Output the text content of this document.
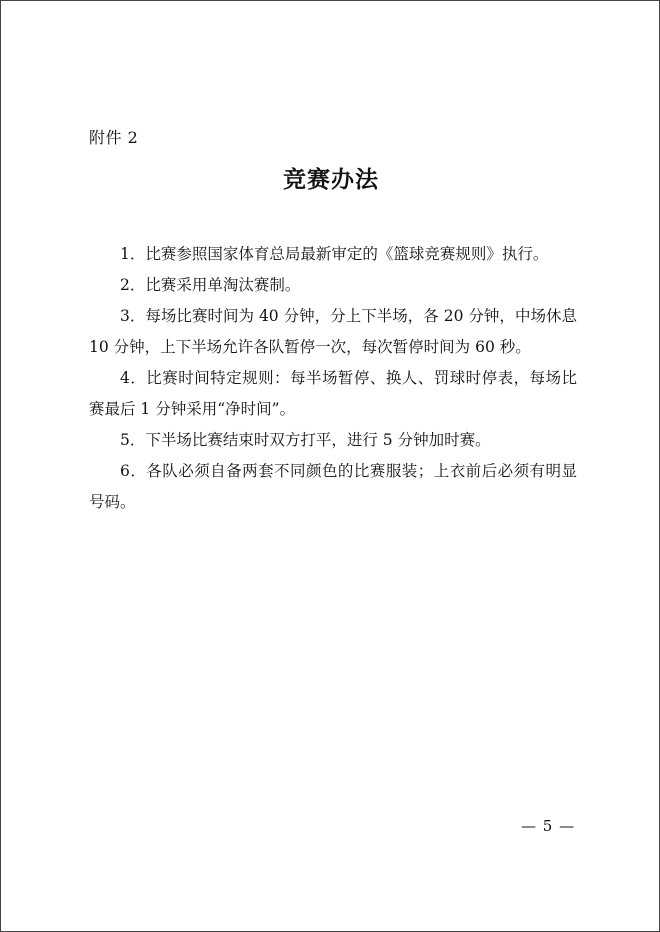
附件 2
竞赛办法

1．比赛参照国家体育总局最新审定的《篮球竞赛规则》执行。

2．比赛采用单淘汰赛制。

3．每场比赛时间为 40 分钟，分上下半场，各 20 分钟，中场休息 10 分钟，上下半场允许各队暂停一次，每次暂停时间为 60 秒。

4．比赛时间特定规则：每半场暂停、换人、罚球时停表，每场比赛最后 1 分钟采用“净时间”。

5．下半场比赛结束时双方打平，进行 5 分钟加时赛。

6．各队必须自备两套不同颜色的比赛服装；上衣前后必须有明显号码。

— 5 —
